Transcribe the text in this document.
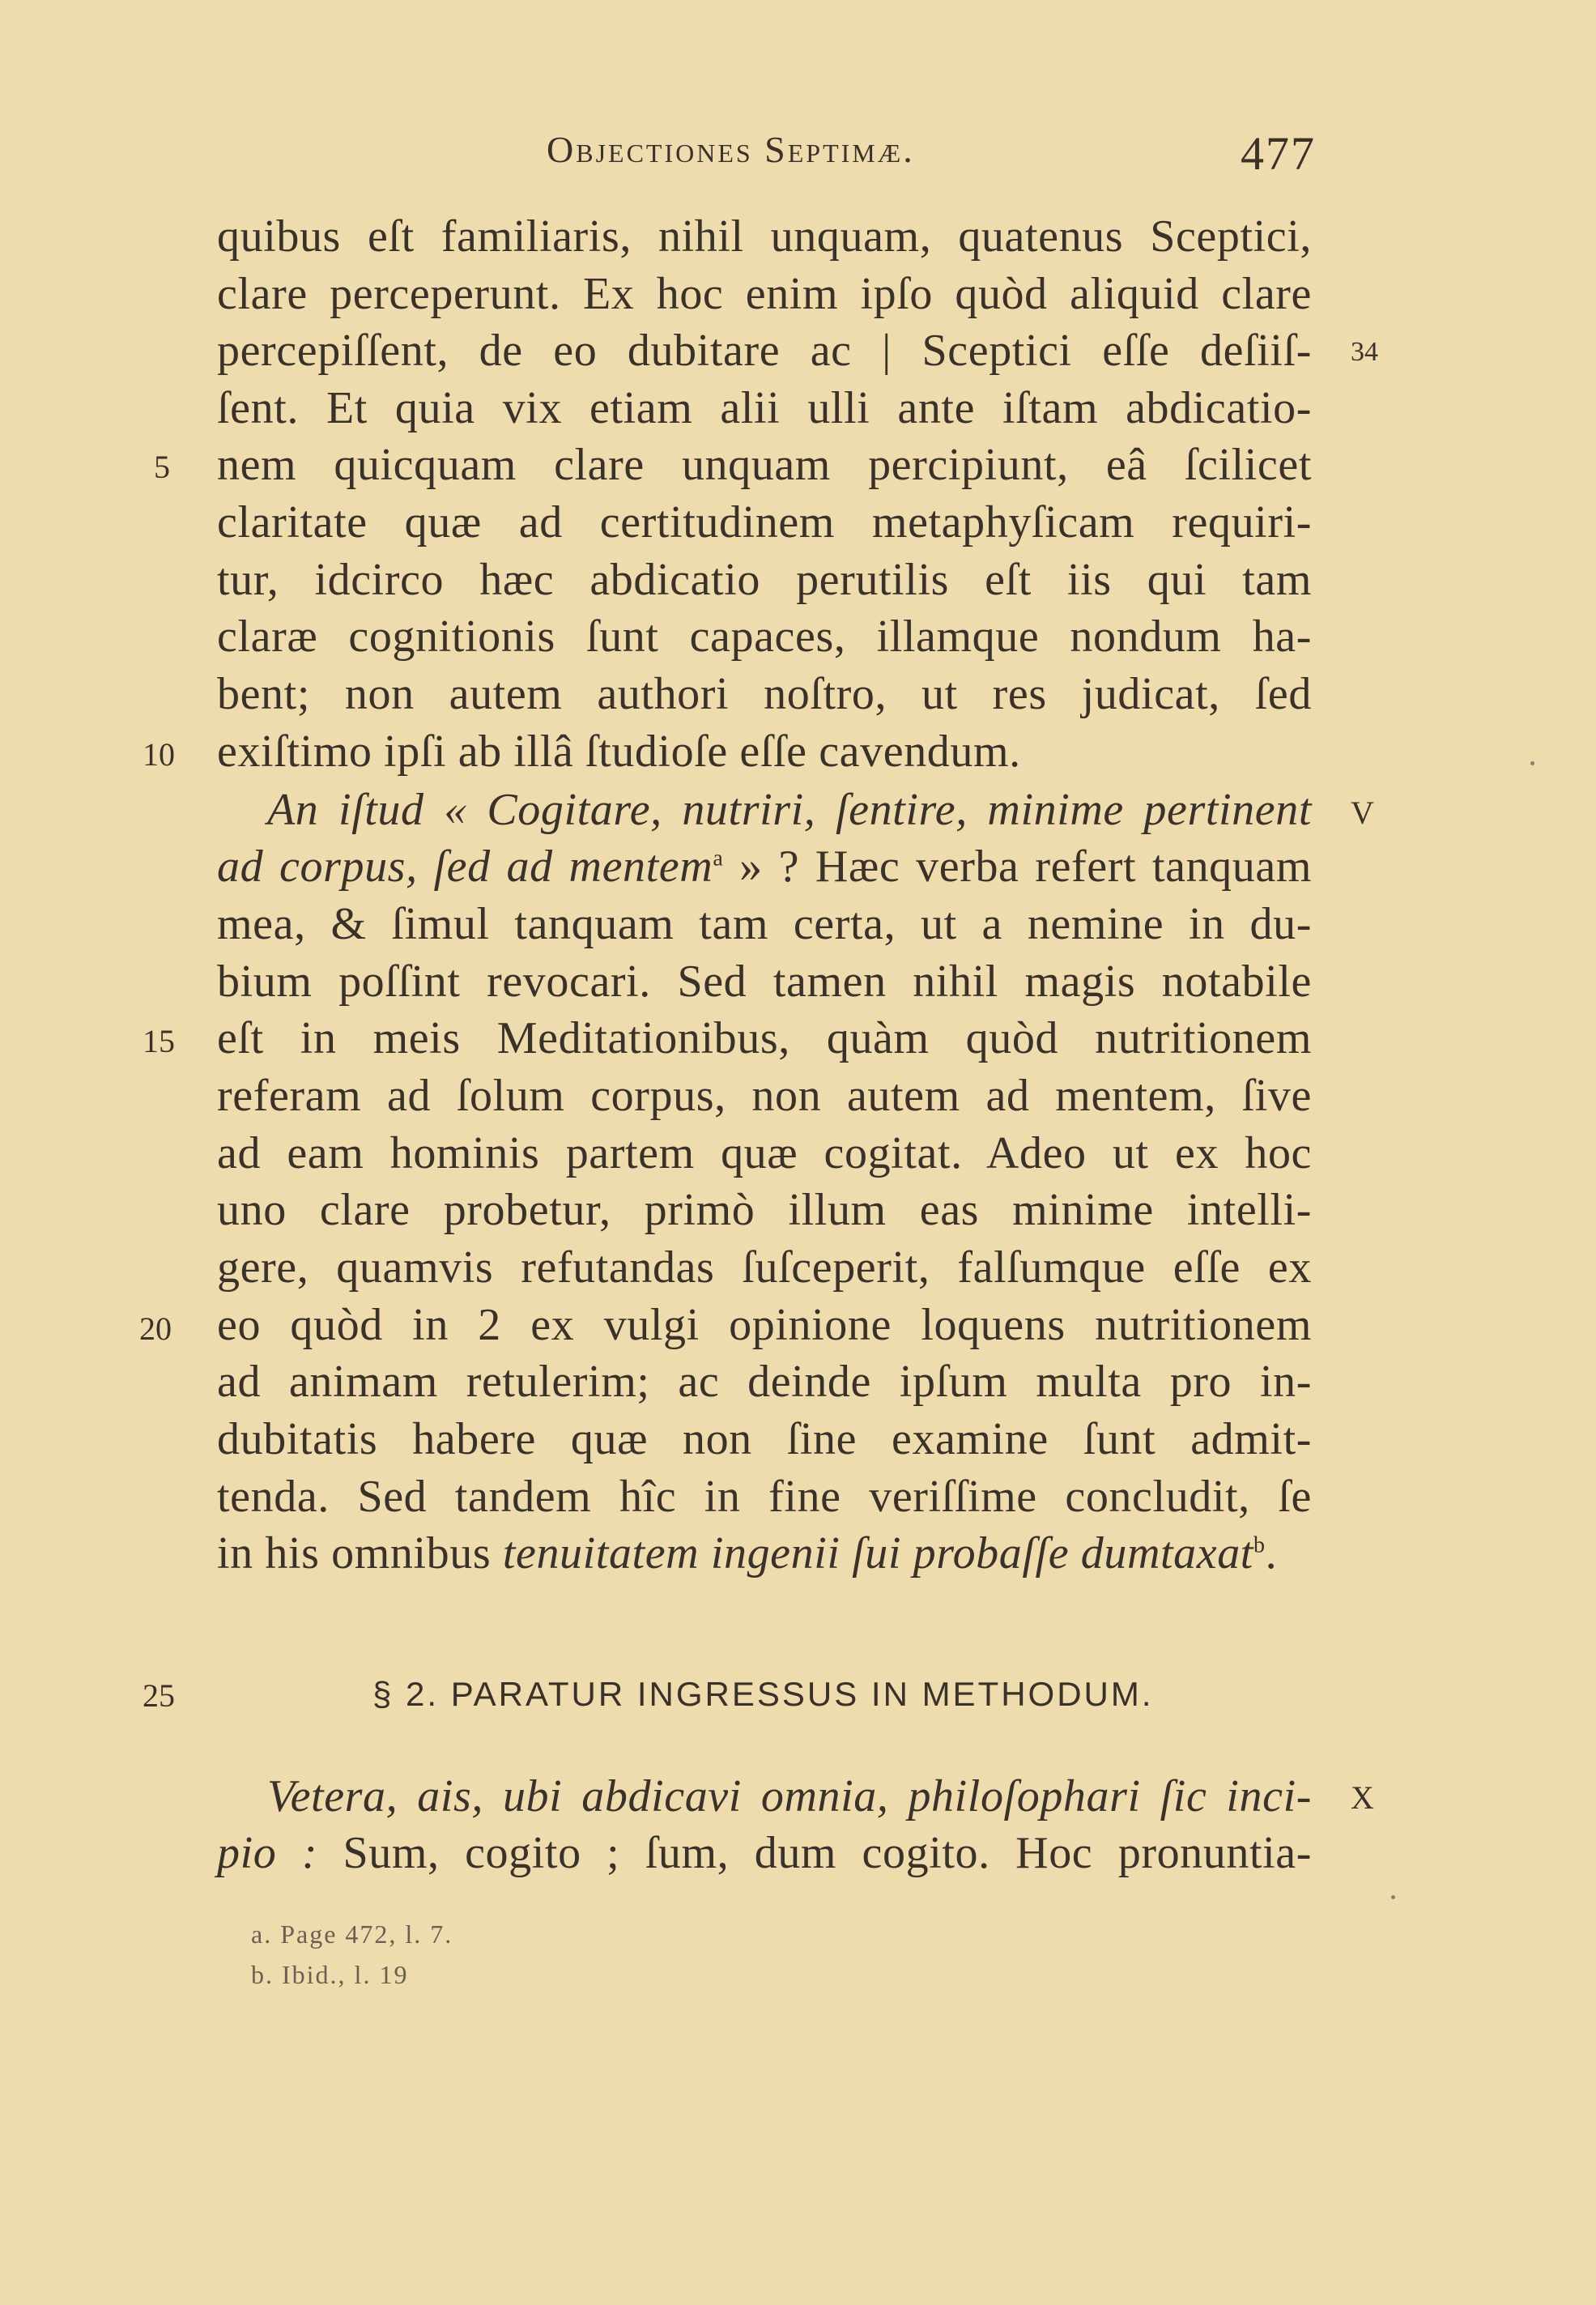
Objectiones Septimæ.	477
quibus eſt familiaris, nihil unquam, quatenus Sceptici,
clare perceperunt. Ex hoc enim ipſo quòd aliquid clare
percepiſſent, de eo dubitare ac | Sceptici eſſe deſiiſ-
ſent. Et quia vix etiam alii ulli ante iſtam abdicatio-
nem quicquam clare unquam percipiunt, eâ ſcilicet
claritate quæ ad certitudinem metaphyſicam requiri-
tur, idcirco hæc abdicatio perutilis eſt iis qui tam
claræ cognitionis ſunt capaces, illamque nondum ha-
bent; non autem authori noſtro, ut res judicat, ſed
exiſtimo ipſi ab illâ ſtudioſe eſſe cavendum.
An iſtud « Cogitare, nutriri, ſentire, minime pertinent
ad corpus, ſed ad mentem$^a$ » ? Hæc verba refert tanquam
mea, & ſimul tanquam tam certa, ut a nemine in du-
bium poſſint revocari. Sed tamen nihil magis notabile
eſt in meis Meditationibus, quàm quòd nutritionem
referam ad ſolum corpus, non autem ad mentem, ſive
ad eam hominis partem quæ cogitat. Adeo ut ex hoc
uno clare probetur, primò illum eas minime intelli-
gere, quamvis refutandas ſuſceperit, falſumque eſſe ex
eo quòd in 2 ex vulgi opinione loquens nutritionem
ad animam retulerim; ac deinde ipſum multa pro in-
dubitatis habere quæ non ſine examine ſunt admit-
tenda. Sed tandem hîc in fine veriſſime concludit, ſe
in his omnibus tenuitatem ingenii ſui probaſſe dumtaxat$^b$.
§ 2. PARATUR INGRESSUS IN METHODUM.
Vetera, ais, ubi abdicavi omnia, philoſophari ſic inci-
pio : Sum, cogito ; ſum, dum cogito. Hoc pronuntia-
5
10
15
20
25
34
V
X
a. Page 472, l. 7.
b. Ibid., l. 19
